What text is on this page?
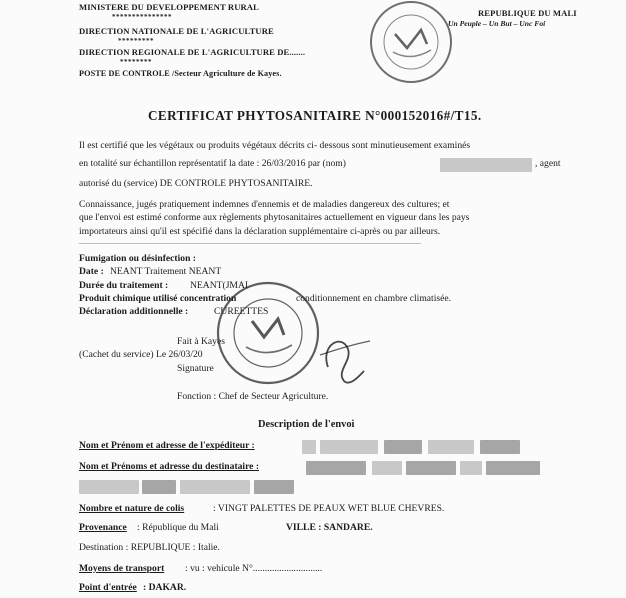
MINISTERE DU DEVELOPPEMENT RURAL
***************
DIRECTION NATIONALE DE L'AGRICULTURE
*********
DIRECTION REGIONALE DE L'AGRICULTURE DE.......
********
POSTE DE CONTROLE /Secteur Agriculture de Kayes.
REPUBLIQUE DU MALI
Un Peuple – Un But – Unc Foi
CERTIFICAT PHYTOSANITAIRE N°000152016#/T15.
Il est certifié que les végétaux ou produits végétaux décrits ci- dessous sont minutieusement examinés
en totalité sur échantillon représentatif la date : 26/03/2016 par (nom)	, agent
autorisé du (service) DE CONTROLE PHYTOSANITAIRE.
Connaissance, jugés pratiquement indemnes d'ennemis et de maladies dangereux des cultures; et
que l'envoi est estimé conforme aux règlements phytosanitaires actuellement en vigueur dans les pays
importateurs ainsi qu'il est spécifié dans la déclaration supplémentaire ci-après ou par ailleurs.
...........................................................................................................................................................................
Fumigation ou désinfection :
Date : NEANT Traitement NEANT
Durée du traitement : NEANT(JMAI
Produit chimique utilisé concentration	conditionnement en chambre climatisée.
Déclaration additionnelle :	CUREETTES
Fait à Kayes
(Cachet du service) Le 26/03/20
Signature
Fonction : Chef de Secteur Agriculture.
Description de l'envoi
Nom et Prénom et adresse de l'expéditeur :
Nom et Prénoms et adresse du destinataire :
Nombre et nature de colis	: VINGT PALETTES DE PEAUX WET BLUE CHEVRES.
Provenance : République du Mali	VILLE : SANDARE.
Destination : REPUBLIQUE : Italie.
Moyens de transport : vu : vehicule N°.............................
Point d'entrée : DAKAR.
